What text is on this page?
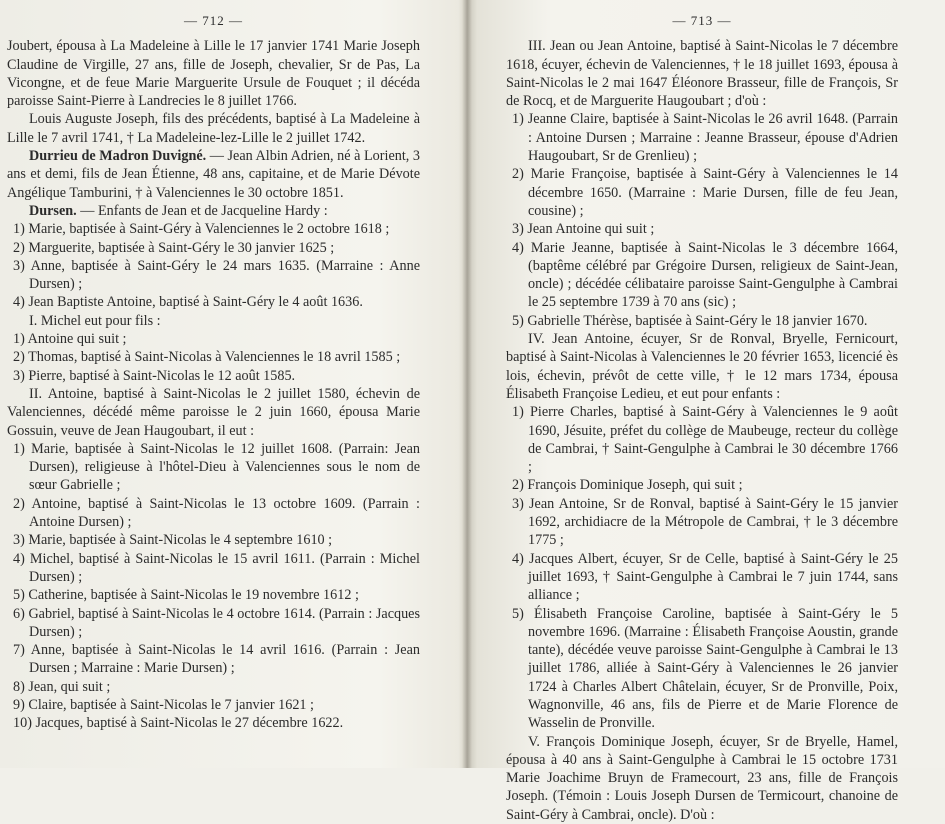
— 712 —

Joubert, épousa à La Madeleine à Lille le 17 janvier 1741 Marie Joseph Claudine de Virgille, 27 ans, fille de Joseph, chevalier, Sr de Pas, La Vicongne, et de feue Marie Marguerite Ursule de Fouquet ; il décéda paroisse Saint-Pierre à Landrecies le 8 juillet 1766.

Louis Auguste Joseph, fils des précédents, baptisé à La Madeleine à Lille le 7 avril 1741, † La Madeleine-lez-Lille le 2 juillet 1742.

Durrieu de Madron Duvigné. — Jean Albin Adrien, né à Lorient, 3 ans et demi, fils de Jean Étienne, 48 ans, capitaine, et de Marie Dévote Angélique Tamburini, † à Valenciennes le 30 octobre 1851.

Dursen. — Enfants de Jean et de Jacqueline Hardy :

1) Marie, baptisée à Saint-Géry à Valenciennes le 2 octobre 1618 ;

2) Marguerite, baptisée à Saint-Géry le 30 janvier 1625 ;

3) Anne, baptisée à Saint-Géry le 24 mars 1635. (Marraine : Anne Dursen) ;

4) Jean Baptiste Antoine, baptisé à Saint-Géry le 4 août 1636.

I. Michel eut pour fils :

1) Antoine qui suit ;

2) Thomas, baptisé à Saint-Nicolas à Valenciennes le 18 avril 1585 ;

3) Pierre, baptisé à Saint-Nicolas le 12 août 1585.

II. Antoine, baptisé à Saint-Nicolas le 2 juillet 1580, échevin de Valenciennes, décédé même paroisse le 2 juin 1660, épousa Marie Gossuin, veuve de Jean Haugoubart, il eut :

1) Marie, baptisée à Saint-Nicolas le 12 juillet 1608. (Parrain: Jean Dursen), religieuse à l'hôtel-Dieu à Valenciennes sous le nom de sœur Gabrielle ;

2) Antoine, baptisé à Saint-Nicolas le 13 octobre 1609. (Parrain : Antoine Dursen) ;

3) Marie, baptisée à Saint-Nicolas le 4 septembre 1610 ;

4) Michel, baptisé à Saint-Nicolas le 15 avril 1611. (Parrain : Michel Dursen) ;

5) Catherine, baptisée à Saint-Nicolas le 19 novembre 1612 ;

6) Gabriel, baptisé à Saint-Nicolas le 4 octobre 1614. (Parrain : Jacques Dursen) ;

7) Anne, baptisée à Saint-Nicolas le 14 avril 1616. (Parrain : Jean Dursen ; Marraine : Marie Dursen) ;

8) Jean, qui suit ;

9) Claire, baptisée à Saint-Nicolas le 7 janvier 1621 ;

10) Jacques, baptisé à Saint-Nicolas le 27 décembre 1622.

— 713 —

III. Jean ou Jean Antoine, baptisé à Saint-Nicolas le 7 décembre 1618, écuyer, échevin de Valenciennes, † le 18 juillet 1693, épousa à Saint-Nicolas le 2 mai 1647 Éléonore Brasseur, fille de François, Sr de Rocq, et de Marguerite Haugoubart ; d'où :

1) Jeanne Claire, baptisée à Saint-Nicolas le 26 avril 1648. (Parrain : Antoine Dursen ; Marraine : Jeanne Brasseur, épouse d'Adrien Haugoubart, Sr de Grenlieu) ;

2) Marie Françoise, baptisée à Saint-Géry à Valenciennes le 14 décembre 1650. (Marraine : Marie Dursen, fille de feu Jean, cousine) ;

3) Jean Antoine qui suit ;

4) Marie Jeanne, baptisée à Saint-Nicolas le 3 décembre 1664, (baptême célébré par Grégoire Dursen, religieux de Saint-Jean, oncle) ; décédée célibataire paroisse Saint-Gengulphe à Cambrai le 25 septembre 1739 à 70 ans (sic) ;

5) Gabrielle Thérèse, baptisée à Saint-Géry le 18 janvier 1670.

IV. Jean Antoine, écuyer, Sr de Ronval, Bryelle, Fernicourt, baptisé à Saint-Nicolas à Valenciennes le 20 février 1653, licencié ès lois, échevin, prévôt de cette ville, † le 12 mars 1734, épousa Élisabeth Françoise Ledieu, et eut pour enfants :

1) Pierre Charles, baptisé à Saint-Géry à Valenciennes le 9 août 1690, Jésuite, préfet du collège de Maubeuge, recteur du collège de Cambrai, † Saint-Gengulphe à Cambrai le 30 décembre 1766 ;

2) François Dominique Joseph, qui suit ;

3) Jean Antoine, Sr de Ronval, baptisé à Saint-Géry le 15 janvier 1692, archidiacre de la Métropole de Cambrai, † le 3 décembre 1775 ;

4) Jacques Albert, écuyer, Sr de Celle, baptisé à Saint-Géry le 25 juillet 1693, † Saint-Gengulphe à Cambrai le 7 juin 1744, sans alliance ;

5) Élisabeth Françoise Caroline, baptisée à Saint-Géry le 5 novembre 1696. (Marraine : Élisabeth Françoise Aoustin, grande tante), décédée veuve paroisse Saint-Gengulphe à Cambrai le 13 juillet 1786, alliée à Saint-Géry à Valenciennes le 26 janvier 1724 à Charles Albert Châtelain, écuyer, Sr de Pronville, Poix, Wagnonville, 46 ans, fils de Pierre et de Marie Florence de Wasselin de Pronville.

V. François Dominique Joseph, écuyer, Sr de Bryelle, Hamel, épousa à 40 ans à Saint-Gengulphe à Cambrai le 15 octobre 1731 Marie Joachime Bruyn de Framecourt, 23 ans, fille de François Joseph. (Témoin : Louis Joseph Dursen de Termicourt, chanoine de Saint-Géry à Cambrai, oncle). D'où :
